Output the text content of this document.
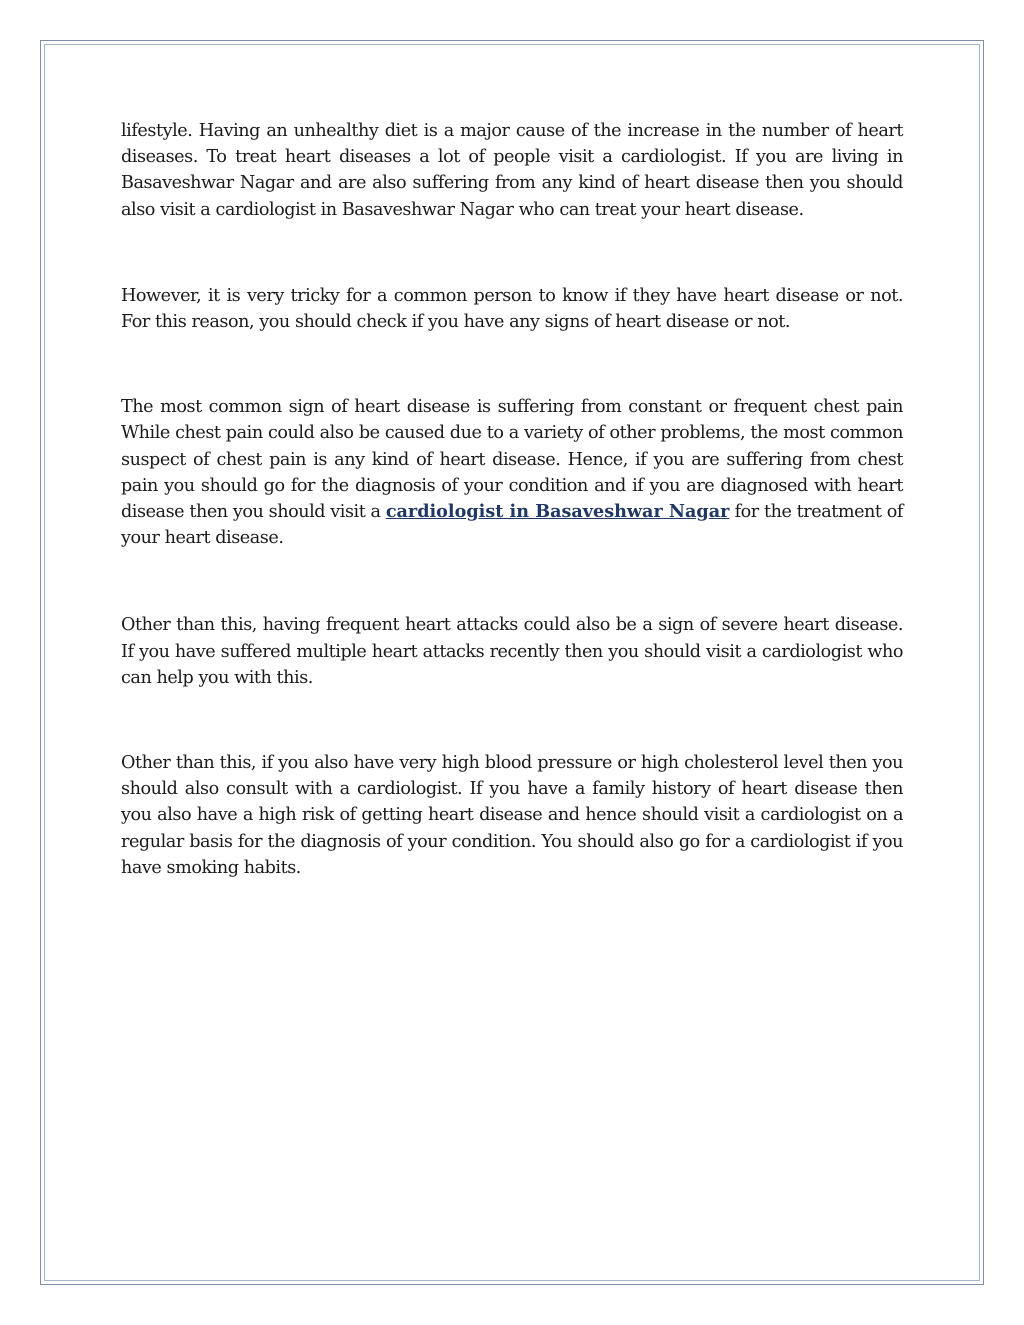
lifestyle. Having an unhealthy diet is a major cause of the increase in the number of heart diseases. To treat heart diseases a lot of people visit a cardiologist. If you are living in Basaveshwar Nagar and are also suffering from any kind of heart disease then you should also visit a cardiologist in Basaveshwar Nagar who can treat your heart disease.

However, it is very tricky for a common person to know if they have heart disease or not. For this reason, you should check if you have any signs of heart disease or not.

The most common sign of heart disease is suffering from constant or frequent chest pain While chest pain could also be caused due to a variety of other problems, the most common suspect of chest pain is any kind of heart disease. Hence, if you are suffering from chest pain you should go for the diagnosis of your condition and if you are diagnosed with heart disease then you should visit a cardiologist in Basaveshwar Nagar for the treatment of your heart disease.

Other than this, having frequent heart attacks could also be a sign of severe heart disease. If you have suffered multiple heart attacks recently then you should visit a cardiologist who can help you with this.

Other than this, if you also have very high blood pressure or high cholesterol level then you should also consult with a cardiologist. If you have a family history of heart disease then you also have a high risk of getting heart disease and hence should visit a cardiologist on a regular basis for the diagnosis of your condition. You should also go for a cardiologist if you have smoking habits.
